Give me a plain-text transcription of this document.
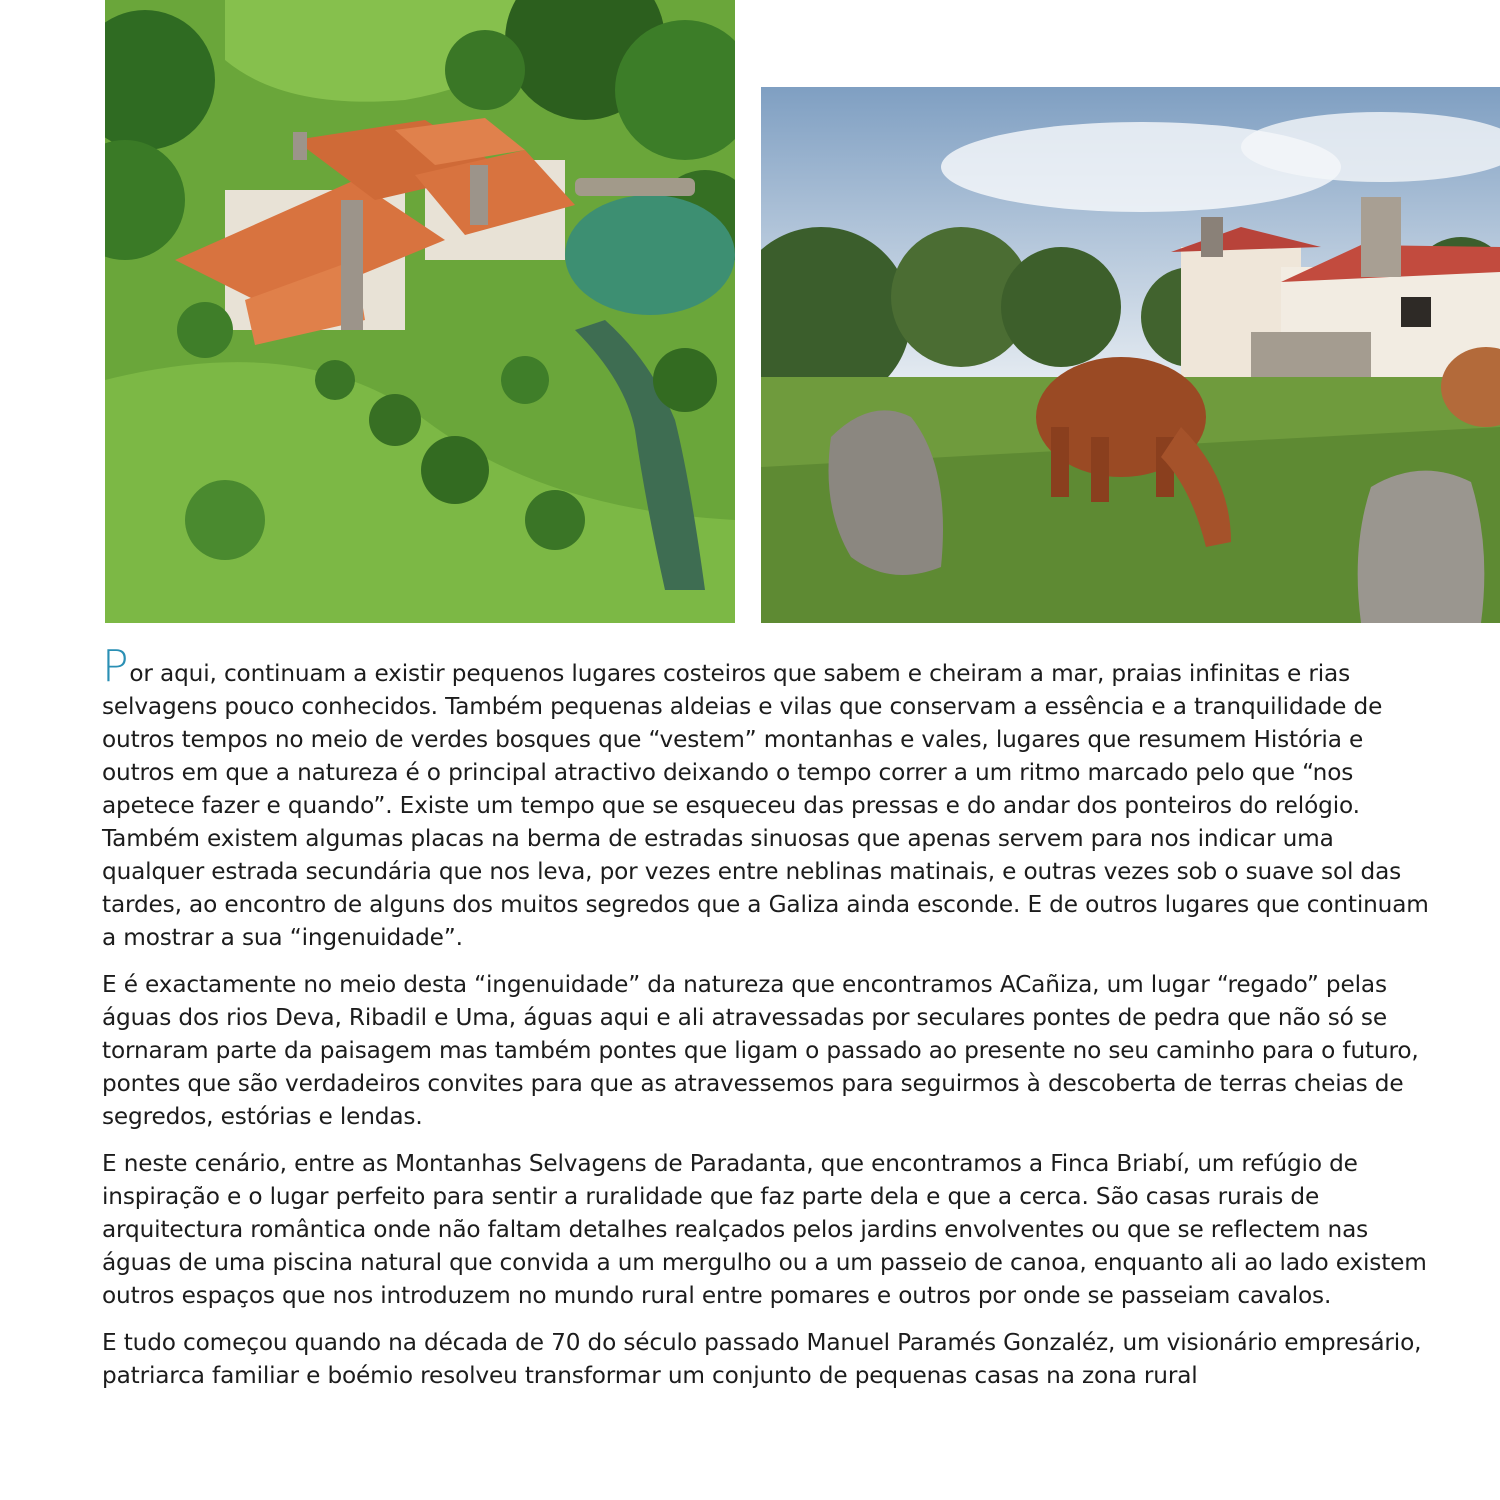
Por aqui, continuam a existir pequenos lugares costeiros que sabem e cheiram a mar, praias infinitas e rias selvagens pouco conhecidos. Também pequenas aldeias e vilas que conservam a essência e a tranquilidade de outros tempos no meio de verdes bosques que “vestem” montanhas e vales, lugares que resumem História e outros em que a natureza é o principal atractivo deixando o tempo correr a um ritmo marcado pelo que “nos apetece fazer e quando”. Existe um tempo que se esqueceu das pressas e do andar dos ponteiros do relógio. Também existem algumas placas na berma de estradas sinuosas que apenas servem para nos indicar uma qualquer estrada secundária que nos leva, por vezes entre neblinas matinais, e outras vezes sob o suave sol das tardes, ao encontro de alguns dos muitos segredos que a Galiza ainda esconde. E de outros lugares que continuam a mostrar a sua “ingenuidade”.

E é exactamente no meio desta “ingenuidade” da natureza que encontramos ACañiza, um lugar “regado” pelas águas dos rios Deva, Ribadil e Uma, águas aqui e ali atravessadas por seculares pontes de pedra que não só se tornaram parte da paisagem mas também pontes que ligam o passado ao presente no seu caminho para o futuro, pontes que são verdadeiros convites para que as atravessemos para seguirmos à descoberta de terras cheias de segredos, estórias e lendas.

E neste cenário, entre as Montanhas Selvagens de Paradanta, que encontramos a Finca Briabí, um refúgio de inspiração e o lugar perfeito para sentir a ruralidade que faz parte dela e que a cerca. São casas rurais de arquitectura romântica onde não faltam detalhes realçados pelos jardins envolventes ou que se reflectem nas águas de uma piscina natural que convida a um mergulho ou a um passeio de canoa, enquanto ali ao lado existem outros espaços que nos introduzem no mundo rural entre pomares e outros por onde se passeiam cavalos.

E tudo começou quando na década de 70 do século passado Manuel Paramés Gonzaléz, um visionário empresário, patriarca familiar e boémio resolveu transformar um conjunto de pequenas casas na zona rural
